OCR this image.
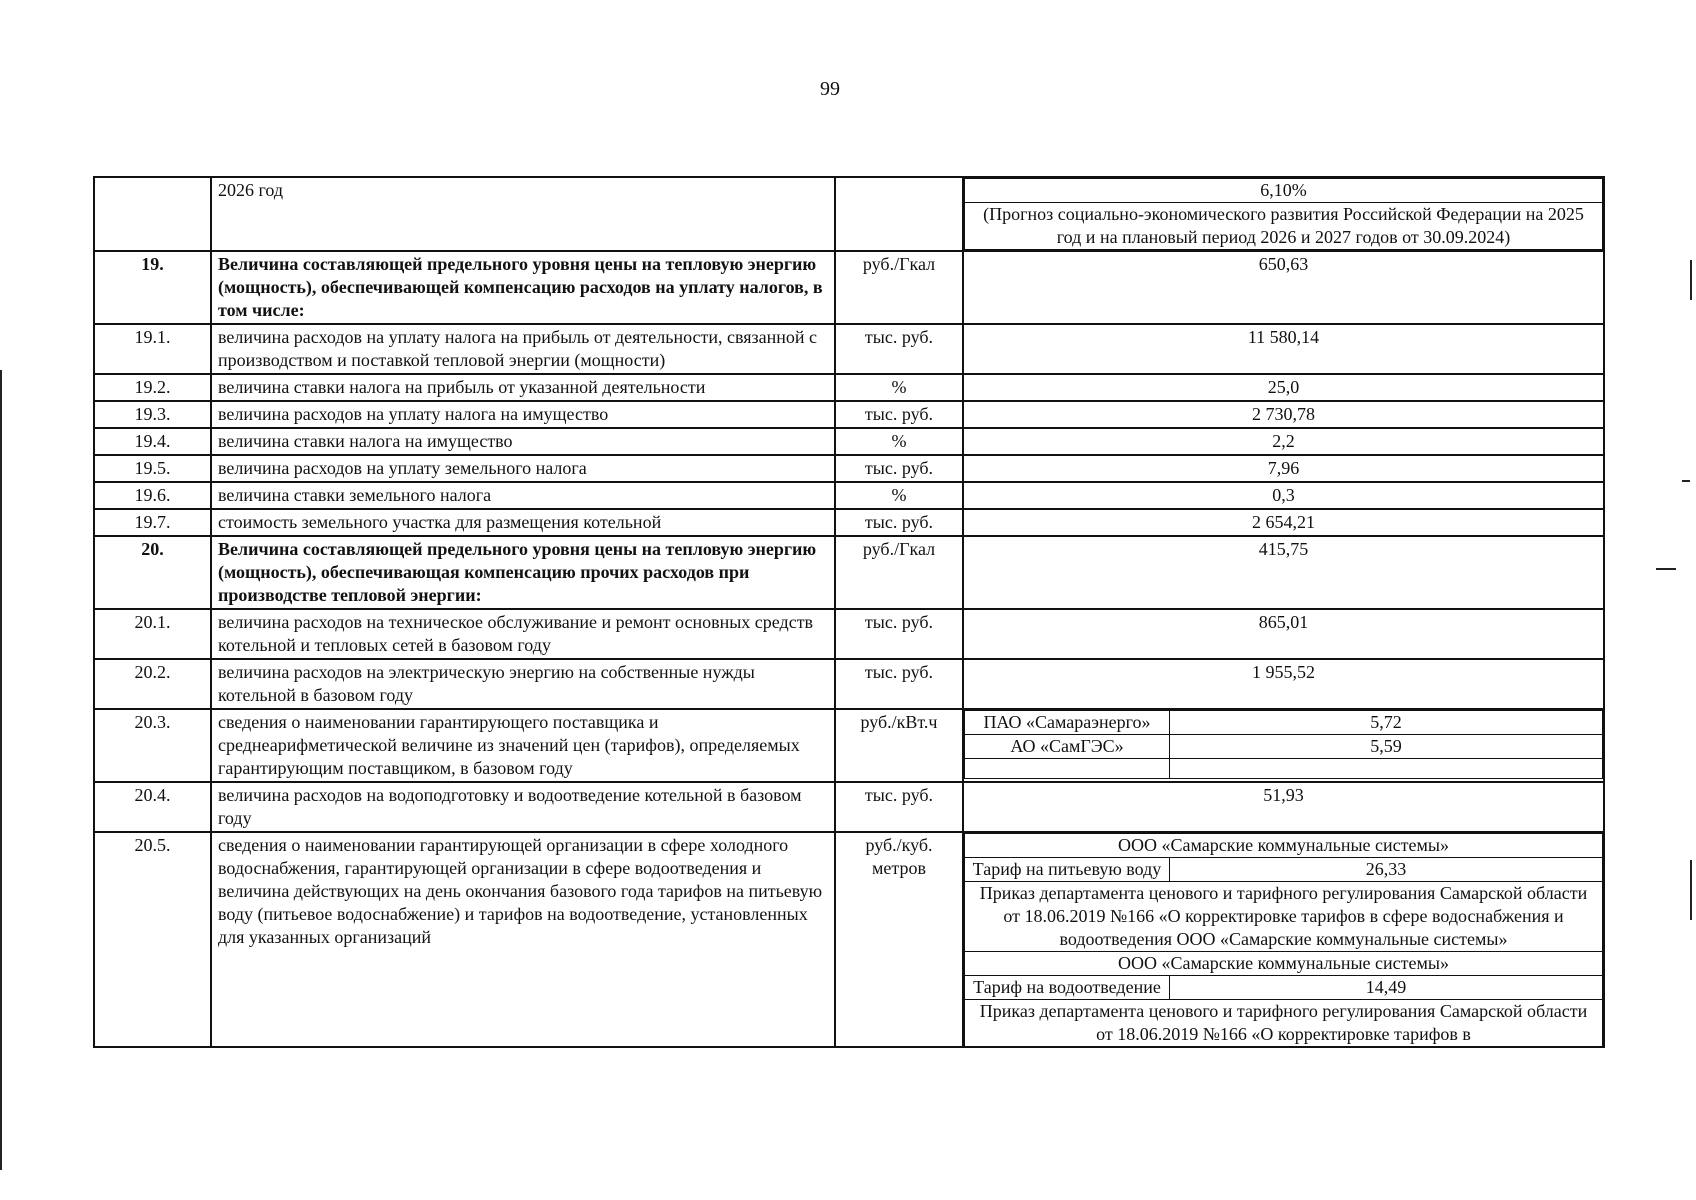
99
	2026 год			6,10%
(Прогноз социально-экономического развития Российской Федерации на 2025 год и на плановый период 2026 и 2027 годов от 30.09.2024)

19.	Величина составляющей предельного уровня цены на тепловую энергию (мощность), обеспечивающей компенсацию расходов на уплату налогов, в том числе:	руб./Гкал	650,63
19.1.	величина расходов на уплату налога на прибыль от деятельности, связанной с производством и поставкой тепловой энергии (мощности)	тыс. руб.	11 580,14
19.2.	величина ставки налога на прибыль от указанной деятельности	%	25,0
19.3.	величина расходов на уплату налога на имущество	тыс. руб.	2 730,78
19.4.	величина ставки налога на имущество	%	2,2
19.5.	величина расходов на уплату земельного налога	тыс. руб.	7,96
19.6.	величина ставки земельного налога	%	0,3
19.7.	стоимость земельного участка для размещения котельной	тыс. руб.	2 654,21
20.	Величина составляющей предельного уровня цены на тепловую энергию (мощность), обеспечивающая компенсацию прочих расходов при производстве тепловой энергии:	руб./Гкал	415,75
20.1.	величина расходов на техническое обслуживание и ремонт основных средств котельной и тепловых сетей в базовом году	тыс. руб.	865,01
20.2.	величина расходов на электрическую энергию на собственные нужды котельной в базовом году	тыс. руб.	1 955,52
20.3.	сведения о наименовании гарантирующего поставщика и среднеарифметической величине из значений цен (тарифов), определяемых гарантирующим поставщиком, в базовом году	руб./кВт.ч		ПАО «Самараэнерго»	5,72
АО «СамГЭС»	5,59

20.4.	величина расходов на водоподготовку и водоотведение котельной в базовом году	тыс. руб.	51,93
20.5.	сведения о наименовании гарантирующей организации в сфере холодного водоснабжения, гарантирующей организации в сфере водоотведения и величина действующих на день окончания базового года тарифов на питьевую воду (питьевое водоснабжение) и тарифов на водоотведение, установленных для указанных организаций	руб./куб. метров	
ООО «Самарские коммунальные системы»
Тариф на питьевую воду	26,33
Приказ департамента ценового и тарифного регулирования Самарской области от 18.06.2019 №166 «О корректировке тарифов в сфере водоснабжения и водоотведения ООО «Самарские коммунальные системы»
ООО «Самарские коммунальные системы»
Тариф на водоотведение	14,49
Приказ департамента ценового и тарифного регулирования Самарской области от 18.06.2019 №166 «О корректировке тарифов в
